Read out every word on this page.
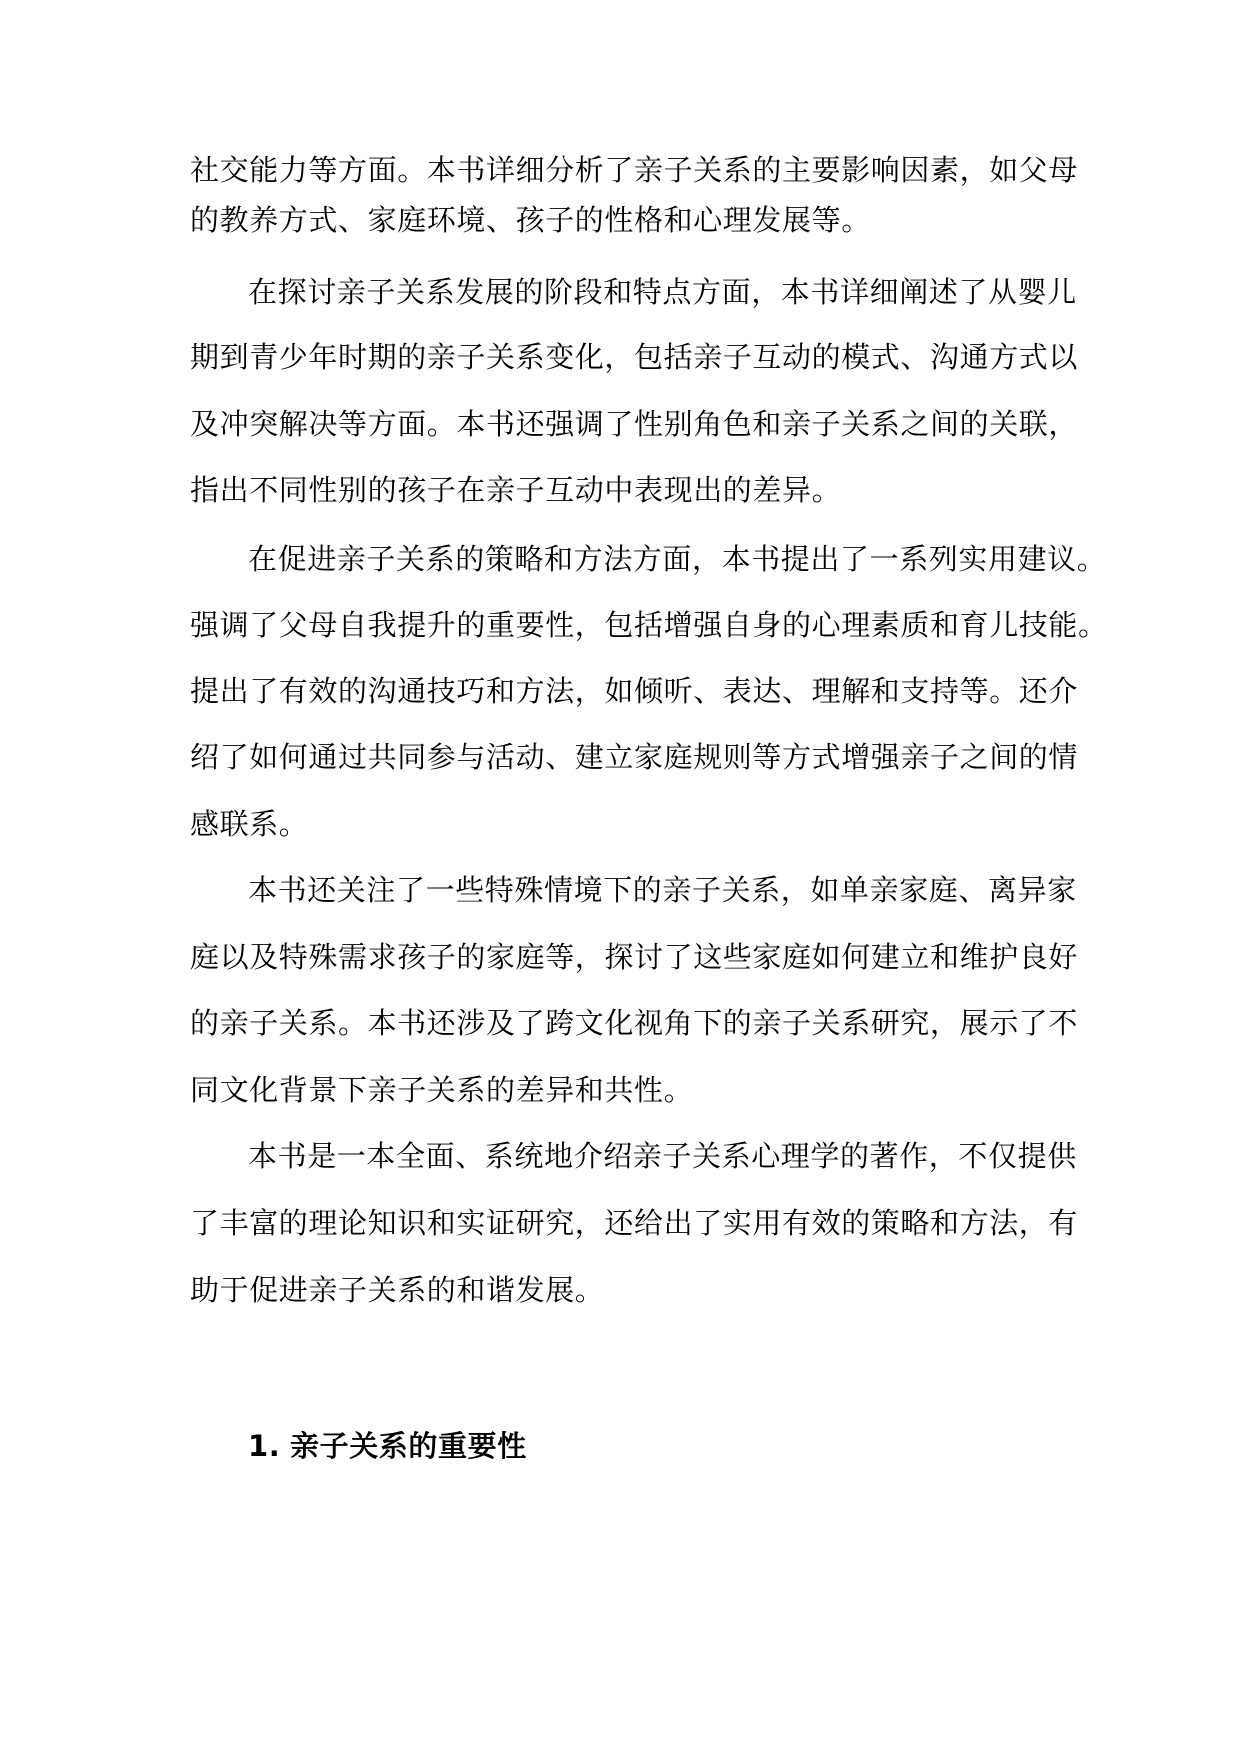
社交能力等方面。本书详细分析了亲子关系的主要影响因素，如父母
的教养方式、家庭环境、孩子的性格和心理发展等。
在探讨亲子关系发展的阶段和特点方面，本书详细阐述了从婴儿
期到青少年时期的亲子关系变化，包括亲子互动的模式、沟通方式以
及冲突解决等方面。本书还强调了性别角色和亲子关系之间的关联，
指出不同性别的孩子在亲子互动中表现出的差异。
在促进亲子关系的策略和方法方面，本书提出了一系列实用建议。
强调了父母自我提升的重要性，包括增强自身的心理素质和育儿技能。
提出了有效的沟通技巧和方法，如倾听、表达、理解和支持等。还介
绍了如何通过共同参与活动、建立家庭规则等方式增强亲子之间的情
感联系。
本书还关注了一些特殊情境下的亲子关系，如单亲家庭、离异家
庭以及特殊需求孩子的家庭等，探讨了这些家庭如何建立和维护良好
的亲子关系。本书还涉及了跨文化视角下的亲子关系研究，展示了不
同文化背景下亲子关系的差异和共性。
本书是一本全面、系统地介绍亲子关系心理学的著作，不仅提供
了丰富的理论知识和实证研究，还给出了实用有效的策略和方法，有
助于促进亲子关系的和谐发展。
1. 亲子关系的重要性
